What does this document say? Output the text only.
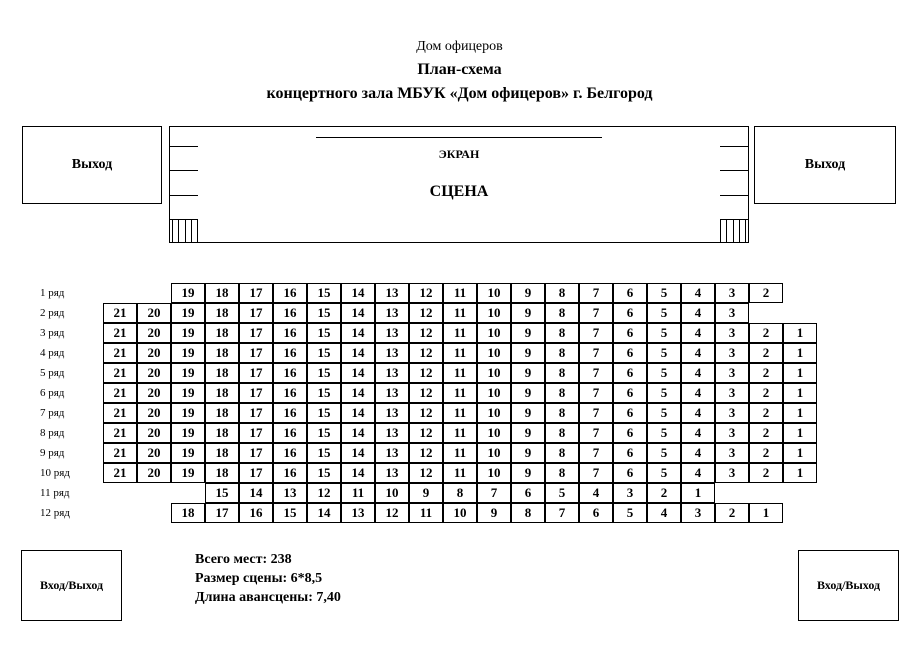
Дом офицеров
План-схема
концертного зала МБУК «Дом офицеров» г. Белгород
Выход	Выход
ЭКРАН
СЦЕНА
1 ряд	19	18	17	16	15	14	13	12	11	10	9	8	7	6	5	4	3	2
2 ряд	21	20	19	18	17	16	15	14	13	12	11	10	9	8	7	6	5	4	3
3 ряд	21	20	19	18	17	16	15	14	13	12	11	10	9	8	7	6	5	4	3	2	1
4 ряд	21	20	19	18	17	16	15	14	13	12	11	10	9	8	7	6	5	4	3	2	1
5 ряд	21	20	19	18	17	16	15	14	13	12	11	10	9	8	7	6	5	4	3	2	1
6 ряд	21	20	19	18	17	16	15	14	13	12	11	10	9	8	7	6	5	4	3	2	1
7 ряд	21	20	19	18	17	16	15	14	13	12	11	10	9	8	7	6	5	4	3	2	1
8 ряд	21	20	19	18	17	16	15	14	13	12	11	10	9	8	7	6	5	4	3	2	1
9 ряд	21	20	19	18	17	16	15	14	13	12	11	10	9	8	7	6	5	4	3	2	1
10 ряд	21	20	19	18	17	16	15	14	13	12	11	10	9	8	7	6	5	4	3	2	1
11 ряд	15	14	13	12	11	10	9	8	7	6	5	4	3	2	1
12 ряд	18	17	16	15	14	13	12	11	10	9	8	7	6	5	4	3	2	1
Вход/Выход	Вход/Выход
Всего мест: 238
Размер сцены: 6*8,5
Длина авансцены: 7,40
